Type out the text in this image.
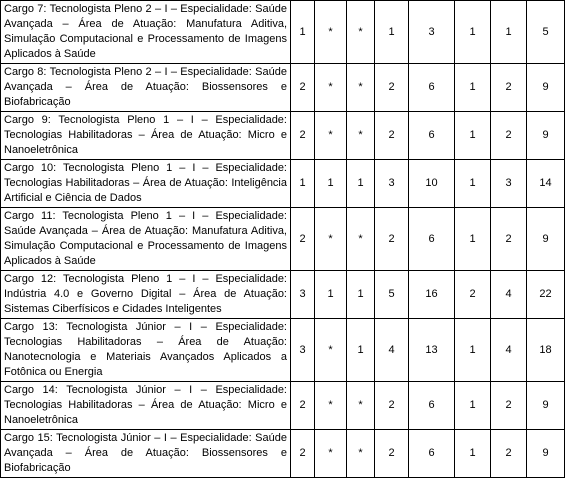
Cargo 7: Tecnologista Pleno 2 – I – Especialidade: Saúde Avançada – Área de Atuação: Manufatura Aditiva, Simulação Computacional e Processamento de Imagens Aplicados à Saúde	1	*	*	1	3	1	1	5
Cargo 8: Tecnologista Pleno 2 – I – Especialidade: Saúde Avançada – Área de Atuação: Biossensores e Biofabricação	2	*	*	2	6	1	2	9
Cargo 9: Tecnologista Pleno 1 – I – Especialidade: Tecnologias Habilitadoras – Área de Atuação: Micro e Nanoeletrônica	2	*	*	2	6	1	2	9
Cargo 10: Tecnologista Pleno 1 – I – Especialidade: Tecnologias Habilitadoras – Área de Atuação: Inteligência Artificial e Ciência de Dados	1	1	1	3	10	1	3	14
Cargo 11: Tecnologista Pleno 1 – I – Especialidade: Saúde Avançada – Área de Atuação: Manufatura Aditiva, Simulação Computacional e Processamento de Imagens Aplicados à Saúde	2	*	*	2	6	1	2	9
Cargo 12: Tecnologista Pleno 1 – I – Especialidade: Indústria 4.0 e Governo Digital – Área de Atuação: Sistemas Ciberfísicos e Cidades Inteligentes	3	1	1	5	16	2	4	22
Cargo 13: Tecnologista Júnior – I – Especialidade: Tecnologias Habilitadoras – Área de Atuação: Nanotecnologia e Materiais Avançados Aplicados a Fotônica ou Energia	3	*	1	4	13	1	4	18
Cargo 14: Tecnologista Júnior – I – Especialidade: Tecnologias Habilitadoras – Área de Atuação: Micro e Nanoeletrônica	2	*	*	2	6	1	2	9
Cargo 15: Tecnologista Júnior – I – Especialidade: Saúde Avançada – Área de Atuação: Biossensores e Biofabricação	2	*	*	2	6	1	2	9
